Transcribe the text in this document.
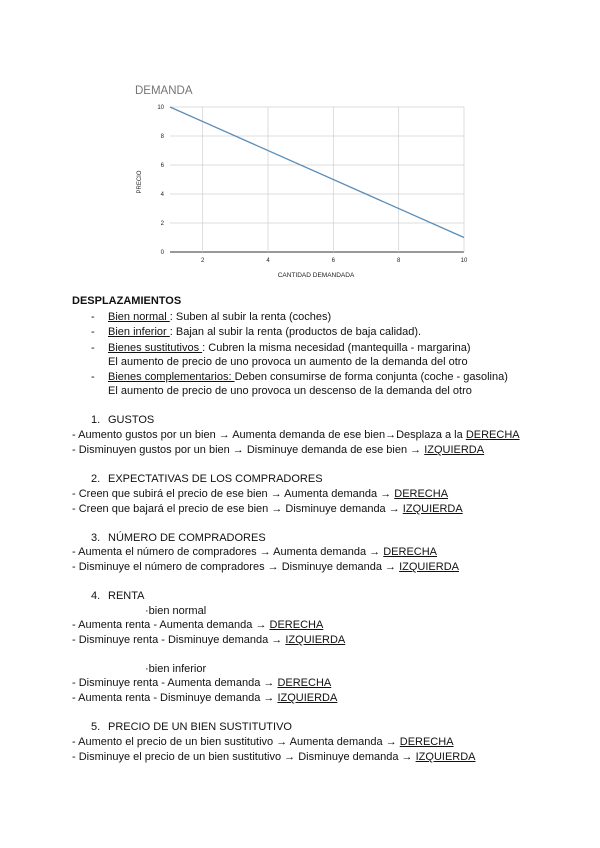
DEMANDA
0
2
4
6
8
10
2	4	6	8	10
CANTIDAD DEMANDADA
PRECIO
DESPLAZAMIENTOS
- Bien normal : Suben al subir la renta (coches)
- Bien inferior : Bajan al subir la renta (productos de baja calidad).
- Bienes sustitutivos : Cubren la misma necesidad (mantequilla - margarina)
El aumento de precio de uno provoca un aumento de la demanda del otro
- Bienes complementarios: Deben consumirse de forma conjunta (coche - gasolina)
El aumento de precio de uno provoca un descenso de la demanda del otro
1. GUSTOS
- Aumento gustos por un bien → Aumenta demanda de ese bien→Desplaza a la DERECHA
- Disminuyen gustos por un bien → Disminuye demanda de ese bien → IZQUIERDA
2. EXPECTATIVAS DE LOS COMPRADORES
- Creen que subirá el precio de ese bien → Aumenta demanda → DERECHA
- Creen que bajará el precio de ese bien → Disminuye demanda → IZQUIERDA
3. NÚMERO DE COMPRADORES
- Aumenta el número de compradores → Aumenta demanda → DERECHA
- Disminuye el número de compradores → Disminuye demanda → IZQUIERDA
4. RENTA
·bien normal
- Aumenta renta - Aumenta demanda → DERECHA
- Disminuye renta - Disminuye demanda → IZQUIERDA
·bien inferior
- Disminuye renta - Aumenta demanda → DERECHA
- Aumenta renta - Disminuye demanda → IZQUIERDA
5. PRECIO DE UN BIEN SUSTITUTIVO
- Aumento el precio de un bien sustitutivo → Aumenta demanda → DERECHA
- Disminuye el precio de un bien sustitutivo → Disminuye demanda → IZQUIERDA
